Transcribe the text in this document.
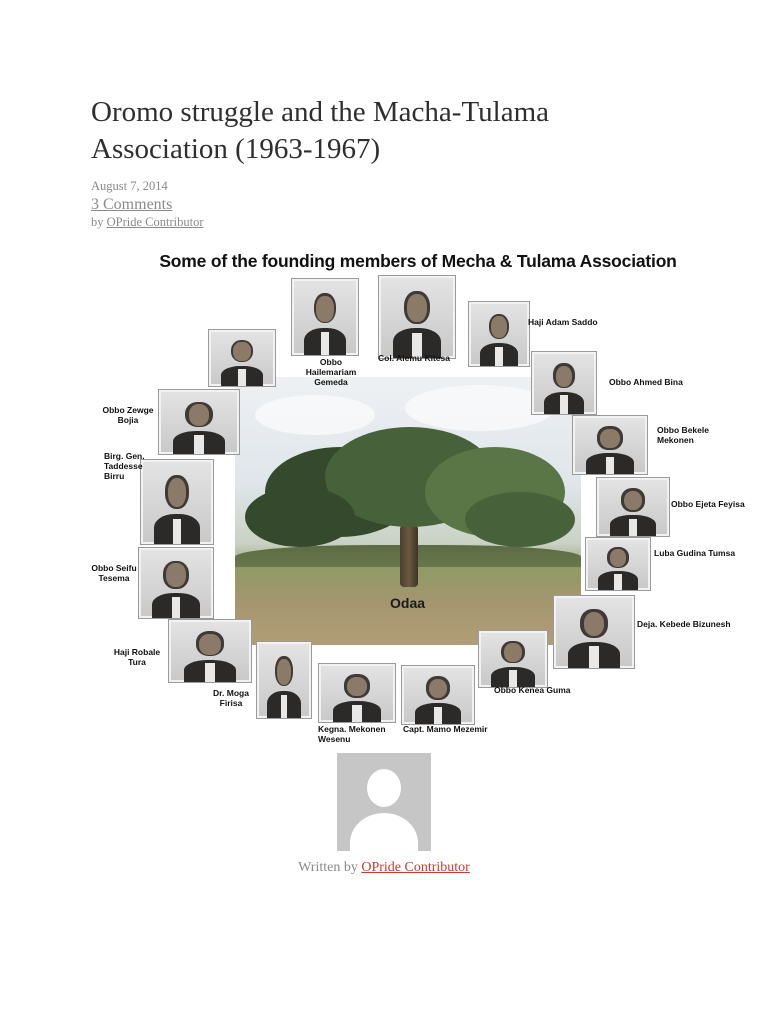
Oromo struggle and the Macha-Tulama Association (1963-1967)
August 7, 2014
3 Comments
by OPride Contributor
Some of the founding members of Mecha & Tulama Association
Odaa
Obbo Hailemariam Gemeda
Col. Alemu Kitesa
Haji Adam Saddo
Obbo Ahmed Bina
Obbo Bekele Mekonen
Obbo Ejeta Feyisa
Luba Gudina Tumsa
Deja. Kebede Bizunesh
Obbo Kenea Guma
Capt. Mamo Mezemir
Kegna. Mekonen Wesenu
Dr. Moga Firisa
Haji Robale Tura
Obbo Seifu Tesema
Birg. Gen. Taddesse Birru
Obbo Zewge Bojia
Written by OPride Contributor
